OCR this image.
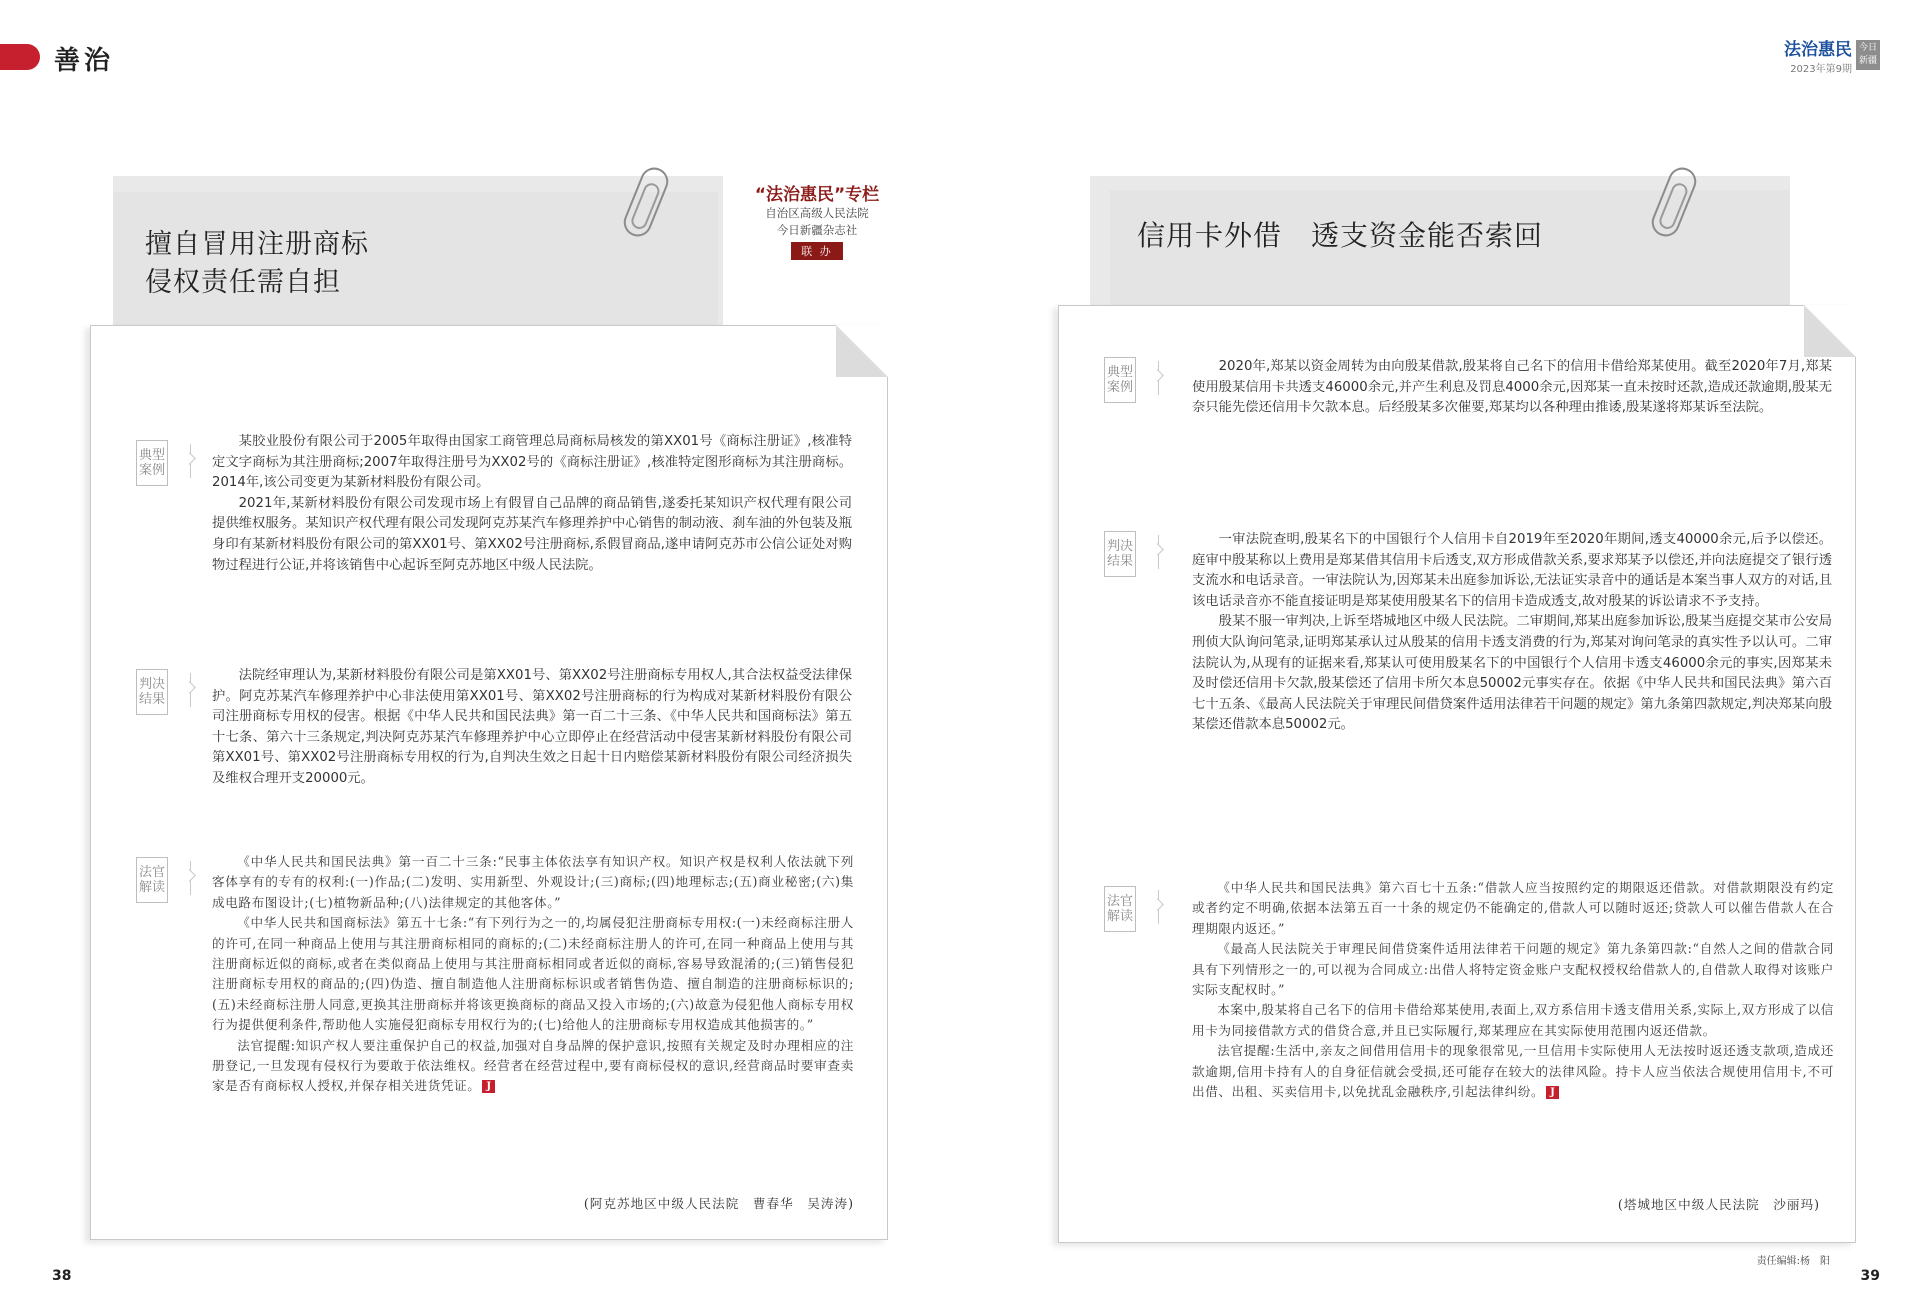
善治	法治惠民
2023年第9期
今日新疆
擅自冒用注册商标
侵权责任需自担
“法治惠民”专栏
自治区高级人民法院
今日新疆杂志社
联 办
典型案例

某胶业股份有限公司于2005年取得由国家工商管理总局商标局核发的第XX01号《商标注册证》,核准特定文字商标为其注册商标;2007年取得注册号为XX02号的《商标注册证》,核准特定图形商标为其注册商标。2014年,该公司变更为某新材料股份有限公司。

2021年,某新材料股份有限公司发现市场上有假冒自己品牌的商品销售,遂委托某知识产权代理有限公司提供维权服务。某知识产权代理有限公司发现阿克苏某汽车修理养护中心销售的制动液、刹车油的外包装及瓶身印有某新材料股份有限公司的第XX01号、第XX02号注册商标,系假冒商品,遂申请阿克苏市公信公证处对购物过程进行公证,并将该销售中心起诉至阿克苏地区中级人民法院。

判决结果

法院经审理认为,某新材料股份有限公司是第XX01号、第XX02号注册商标专用权人,其合法权益受法律保护。阿克苏某汽车修理养护中心非法使用第XX01号、第XX02号注册商标的行为构成对某新材料股份有限公司注册商标专用权的侵害。根据《中华人民共和国民法典》第一百二十三条、《中华人民共和国商标法》第五十七条、第六十三条规定,判决阿克苏某汽车修理养护中心立即停止在经营活动中侵害某新材料股份有限公司第XX01号、第XX02号注册商标专用权的行为,自判决生效之日起十日内赔偿某新材料股份有限公司经济损失及维权合理开支20000元。

法官解读

《中华人民共和国民法典》第一百二十三条:“民事主体依法享有知识产权。知识产权是权利人依法就下列客体享有的专有的权利:(一)作品;(二)发明、实用新型、外观设计;(三)商标;(四)地理标志;(五)商业秘密;(六)集成电路布图设计;(七)植物新品种;(八)法律规定的其他客体。”

《中华人民共和国商标法》第五十七条:“有下列行为之一的,均属侵犯注册商标专用权:(一)未经商标注册人的许可,在同一种商品上使用与其注册商标相同的商标的;(二)未经商标注册人的许可,在同一种商品上使用与其注册商标近似的商标,或者在类似商品上使用与其注册商标相同或者近似的商标,容易导致混淆的;(三)销售侵犯注册商标专用权的商品的;(四)伪造、擅自制造他人注册商标标识或者销售伪造、擅自制造的注册商标标识的;(五)未经商标注册人同意,更换其注册商标并将该更换商标的商品又投入市场的;(六)故意为侵犯他人商标专用权行为提供便利条件,帮助他人实施侵犯商标专用权行为的;(七)给他人的注册商标专用权造成其他损害的。”

法官提醒:知识产权人要注重保护自己的权益,加强对自身品牌的保护意识,按照有关规定及时办理相应的注册登记,一旦发现有侵权行为要敢于依法维权。经营者在经营过程中,要有商标侵权的意识,经营商品时要审查卖家是否有商标权人授权,并保存相关进货凭证。 J

(阿克苏地区中级人民法院　曹春华　吴涛涛)
38
信用卡外借　透支资金能否索回
典型案例

2020年,郑某以资金周转为由向殷某借款,殷某将自己名下的信用卡借给郑某使用。截至2020年7月,郑某使用殷某信用卡共透支46000余元,并产生利息及罚息4000余元,因郑某一直未按时还款,造成还款逾期,殷某无奈只能先偿还信用卡欠款本息。后经殷某多次催要,郑某均以各种理由推诿,殷某遂将郑某诉至法院。

判决结果

一审法院查明,殷某名下的中国银行个人信用卡自2019年至2020年期间,透支40000余元,后予以偿还。庭审中殷某称以上费用是郑某借其信用卡后透支,双方形成借款关系,要求郑某予以偿还,并向法庭提交了银行透支流水和电话录音。一审法院认为,因郑某未出庭参加诉讼,无法证实录音中的通话是本案当事人双方的对话,且该电话录音亦不能直接证明是郑某使用殷某名下的信用卡造成透支,故对殷某的诉讼请求不予支持。

殷某不服一审判决,上诉至塔城地区中级人民法院。二审期间,郑某出庭参加诉讼,殷某当庭提交某市公安局刑侦大队询问笔录,证明郑某承认过从殷某的信用卡透支消费的行为,郑某对询问笔录的真实性予以认可。二审法院认为,从现有的证据来看,郑某认可使用殷某名下的中国银行个人信用卡透支46000余元的事实,因郑某未及时偿还信用卡欠款,殷某偿还了信用卡所欠本息50002元事实存在。依据《中华人民共和国民法典》第六百七十五条、《最高人民法院关于审理民间借贷案件适用法律若干问题的规定》第九条第四款规定,判决郑某向殷某偿还借款本息50002元。

法官解读

《中华人民共和国民法典》第六百七十五条:“借款人应当按照约定的期限返还借款。对借款期限没有约定或者约定不明确,依据本法第五百一十条的规定仍不能确定的,借款人可以随时返还;贷款人可以催告借款人在合理期限内返还。”

《最高人民法院关于审理民间借贷案件适用法律若干问题的规定》第九条第四款:“自然人之间的借款合同具有下列情形之一的,可以视为合同成立:出借人将特定资金账户支配权授权给借款人的,自借款人取得对该账户实际支配权时。”

本案中,殷某将自己名下的信用卡借给郑某使用,表面上,双方系信用卡透支借用关系,实际上,双方形成了以信用卡为同接借款方式的借贷合意,并且已实际履行,郑某理应在其实际使用范围内返还借款。

法官提醒:生活中,亲友之间借用信用卡的现象很常见,一旦信用卡实际使用人无法按时返还透支款项,造成还款逾期,信用卡持有人的自身征信就会受损,还可能存在较大的法律风险。持卡人应当依法合规使用信用卡,不可出借、出租、买卖信用卡,以免扰乱金融秩序,引起法律纠纷。 J

(塔城地区中级人民法院　沙丽玛)
责任编辑:杨　阳
39
